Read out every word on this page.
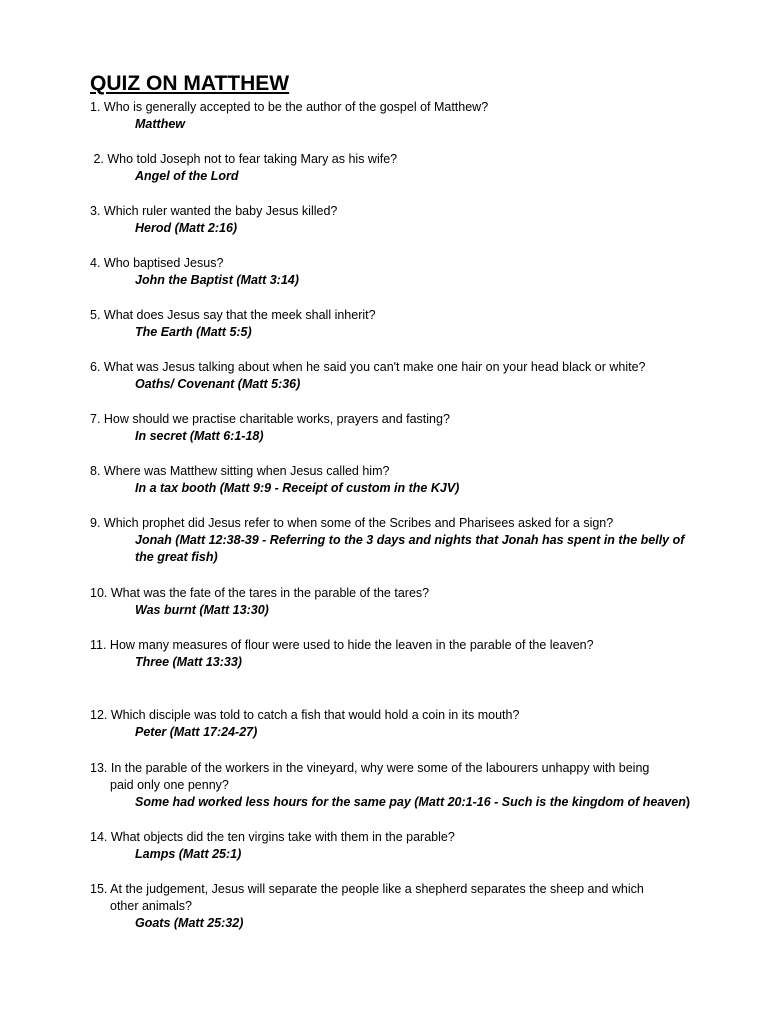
QUIZ ON MATTHEW
1. Who is generally accepted to be the author of the gospel of Matthew?
Matthew
2. Who told Joseph not to fear taking Mary as his wife?
Angel of the Lord
3. Which ruler wanted the baby Jesus killed?
Herod (Matt 2:16)
4. Who baptised Jesus?
John the Baptist (Matt 3:14)
5. What does Jesus say that the meek shall inherit?
The Earth (Matt 5:5)
6. What was Jesus talking about when he said you can't make one hair on your head black or white?
Oaths/ Covenant (Matt 5:36)
7. How should we practise charitable works, prayers and fasting?
In secret (Matt 6:1-18)
8. Where was Matthew sitting when Jesus called him?
In a tax booth (Matt 9:9 - Receipt of custom in the KJV)
9. Which prophet did Jesus refer to when some of the Scribes and Pharisees asked for a sign?
Jonah (Matt 12:38-39 - Referring to the 3 days and nights that Jonah has spent in the belly of
the great fish)
10. What was the fate of the tares in the parable of the tares?
Was burnt (Matt 13:30)
11. How many measures of flour were used to hide the leaven in the parable of the leaven?
Three (Matt 13:33)
12. Which disciple was told to catch a fish that would hold a coin in its mouth?
Peter (Matt 17:24-27)
13. In the parable of the workers in the vineyard, why were some of the labourers unhappy with being
paid only one penny?
Some had worked less hours for the same pay (Matt 20:1-16 - Such is the kingdom of heaven)
14. What objects did the ten virgins take with them in the parable?
Lamps (Matt 25:1)
15. At the judgement, Jesus will separate the people like a shepherd separates the sheep and which
other animals?
Goats (Matt 25:32)
